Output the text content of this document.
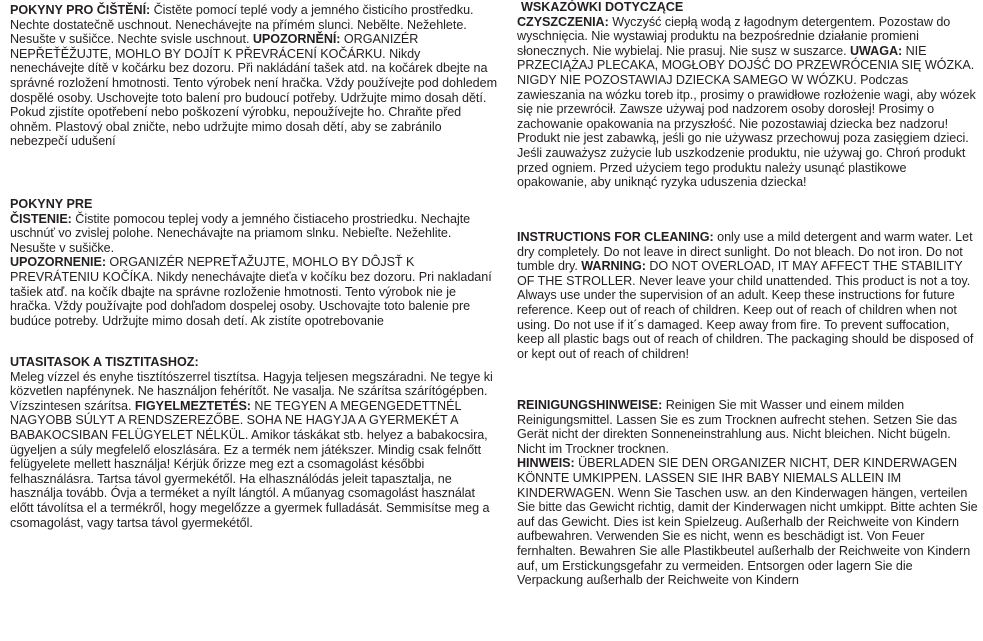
POKYNY PRO ČIŠTĚNÍ: Čistěte pomocí teplé vody a jemného čisticího prostředku. Nechte dostatečně uschnout. Nenechávejte na přímém slunci. Nebělte. Nežehlete. Nesušte v sušičce. Nechte svisle uschnout. UPOZORNĚNÍ: ORGANIZÉR NEPŘEŤĚŽUJTE, MOHLO BY DOJÍT K PŘEVRÁCENÍ KOČÁRKU. Nikdy nenechávejte dítě v kočárku bez dozoru. Při nakládání tašek atd. na kočárek dbejte na správné rozložení hmotnosti. Tento výrobek není hračka. Vždy používejte pod dohledem dospělé osoby. Uschovejte toto balení pro budoucí potřeby. Udržujte mimo dosah dětí. Pokud zjistíte opotřebení nebo poškození výrobku, nepoužívejte ho. Chraňte před ohněm. Plastový obal zničte, nebo udržujte mimo dosah dětí, aby se zabránilo nebezpečí udušení

POKYNY PRE

ČISTENIE: Čistite pomocou teplej vody a jemného čistiaceho prostriedku. Nechajte uschnúť vo zvislej polohe. Nenechávajte na priamom slnku. Nebieľte. Nežehlite. Nesušte v sušičke.

UPOZORNENIE: ORGANIZÉR NEPREŤAŽUJTE, MOHLO BY DÔJSŤ K PREVRÁTENIU KOČÍKA. Nikdy nenechávajte dieťa v kočíku bez dozoru. Pri nakladaní tašiek atď. na kočík dbajte na správne rozloženie hmotnosti. Tento výrobok nie je hračka. Vždy používajte pod dohľadom dospelej osoby. Uschovajte toto balenie pre budúce potreby. Udržujte mimo dosah detí. Ak zistíte opotrebovanie

UTASITASOK A TISZTITASHOZ:

Meleg vízzel és enyhe tisztítószerrel tisztítsa. Hagyja teljesen megszáradni. Ne tegye ki közvetlen napfénynek. Ne használjon fehérítőt. Ne vasalja. Ne szárítsa szárítógépben. Vízszintesen szárítsa. FIGYELMEZTETÉS: NE TEGYEN A MEGENGEDETTNÉL NAGYOBB SÚLYT A RENDSZEREZŐBE. SOHA NE HAGYJA A GYERMEKÉT A BABAKOCSIBAN FELÜGYELET NÉLKÜL. Amikor táskákat stb. helyez a babakocsira, ügyeljen a súly megfelelő eloszlására. Ez a termék nem játékszer. Mindig csak felnőtt felügyelete mellett használja! Kérjük őrizze meg ezt a csomagolást későbbi felhasználásra. Tartsa távol gyermekétől. Ha elhasználódás jeleit tapasztalja, ne használja tovább. Óvja a terméket a nyílt lángtól. A műanyag csomagolást használat előtt távolítsa el a termékről, hogy megelőzze a gyermek fulladását. Semmisítse meg a csomagolást, vagy tartsa távol gyermekétől.

WSKAZÓWKI DOTYCZĄCE

CZYSZCZENIA: Wyczyść ciepłą wodą z łagodnym detergentem. Pozostaw do wyschnięcia. Nie wystawiaj produktu na bezpośrednie działanie promieni słonecznych. Nie wybielaj. Nie prasuj. Nie susz w suszarce. UWAGA: NIE PRZECIĄŻAJ PLECAKA, MOGŁOBY DOJŚĆ DO PRZEWRÓCENIA SIĘ WÓZKA. NIGDY NIE POZOSTAWIAJ DZIECKA SAMEGO W WÓZKU. Podczas zawieszania na wózku toreb itp., prosimy o prawidłowe rozłożenie wagi, aby wózek się nie przewrócił. Zawsze używaj pod nadzorem osoby dorosłej! Prosimy o zachowanie opakowania na przyszłość. Nie pozostawiaj dziecka bez nadzoru! Produkt nie jest zabawką, jeśli go nie używasz przechowuj poza zasięgiem dziecі. Jeśli zauważysz zużycie lub uszkodzenie produktu, nie używaj go. Chroń produkt przed ogniem. Przed użyciem tego produktu należy usunąć plastikowe opakowanie, aby uniknąć ryzyka uduszenia dziecka!

INSTRUCTIONS FOR CLEANING: only use a mild detergent and warm water. Let dry completely. Do not leave in direct sunlight. Do not bleach. Do not iron. Do not tumble dry. WARNING: DO NOT OVERLOAD, IT MAY AFFECT THE STABILITY OF THE STROLLER. Never leave your child unattended. This product is not a toy. Always use under the supervision of an adult. Keep these instructions for future reference. Keep out of reach of children. Keep out of reach of children when not using. Do not use if it´s damaged. Keep away from fire. To prevent suffocation, keep all plastic bags out of reach of children. The packaging should be disposed of or kept out of reach of children!

REINIGUNGSHINWEISE: Reinigen Sie mit Wasser und einem milden Reinigungsmittel. Lassen Sie es zum Trocknen aufrecht stehen. Setzen Sie das Gerät nicht der direkten Sonneneinstrahlung aus. Nicht bleichen. Nicht bügeln. Nicht im Trockner trocknen.

HINWEIS: ÜBERLADEN SIE DEN ORGANIZER NICHT, DER KINDERWAGEN KÖNNTE UMKIPPEN. LASSEN SIE IHR BABY NIEMALS ALLEIN IM KINDERWAGEN. Wenn Sie Taschen usw. an den Kinderwagen hängen, verteilen Sie bitte das Gewicht richtig, damit der Kinderwagen nicht umkippt. Bitte achten Sie auf das Gewicht. Dies ist kein Spielzeug. Außerhalb der Reichweite von Kindern aufbewahren. Verwenden Sie es nicht, wenn es beschädigt ist. Von Feuer fernhalten. Bewahren Sie alle Plastikbeutel außerhalb der Reichweite von Kindern auf, um Erstickungsgefahr zu vermeiden. Entsorgen oder lagern Sie die Verpackung außerhalb der Reichweite von Kindern
